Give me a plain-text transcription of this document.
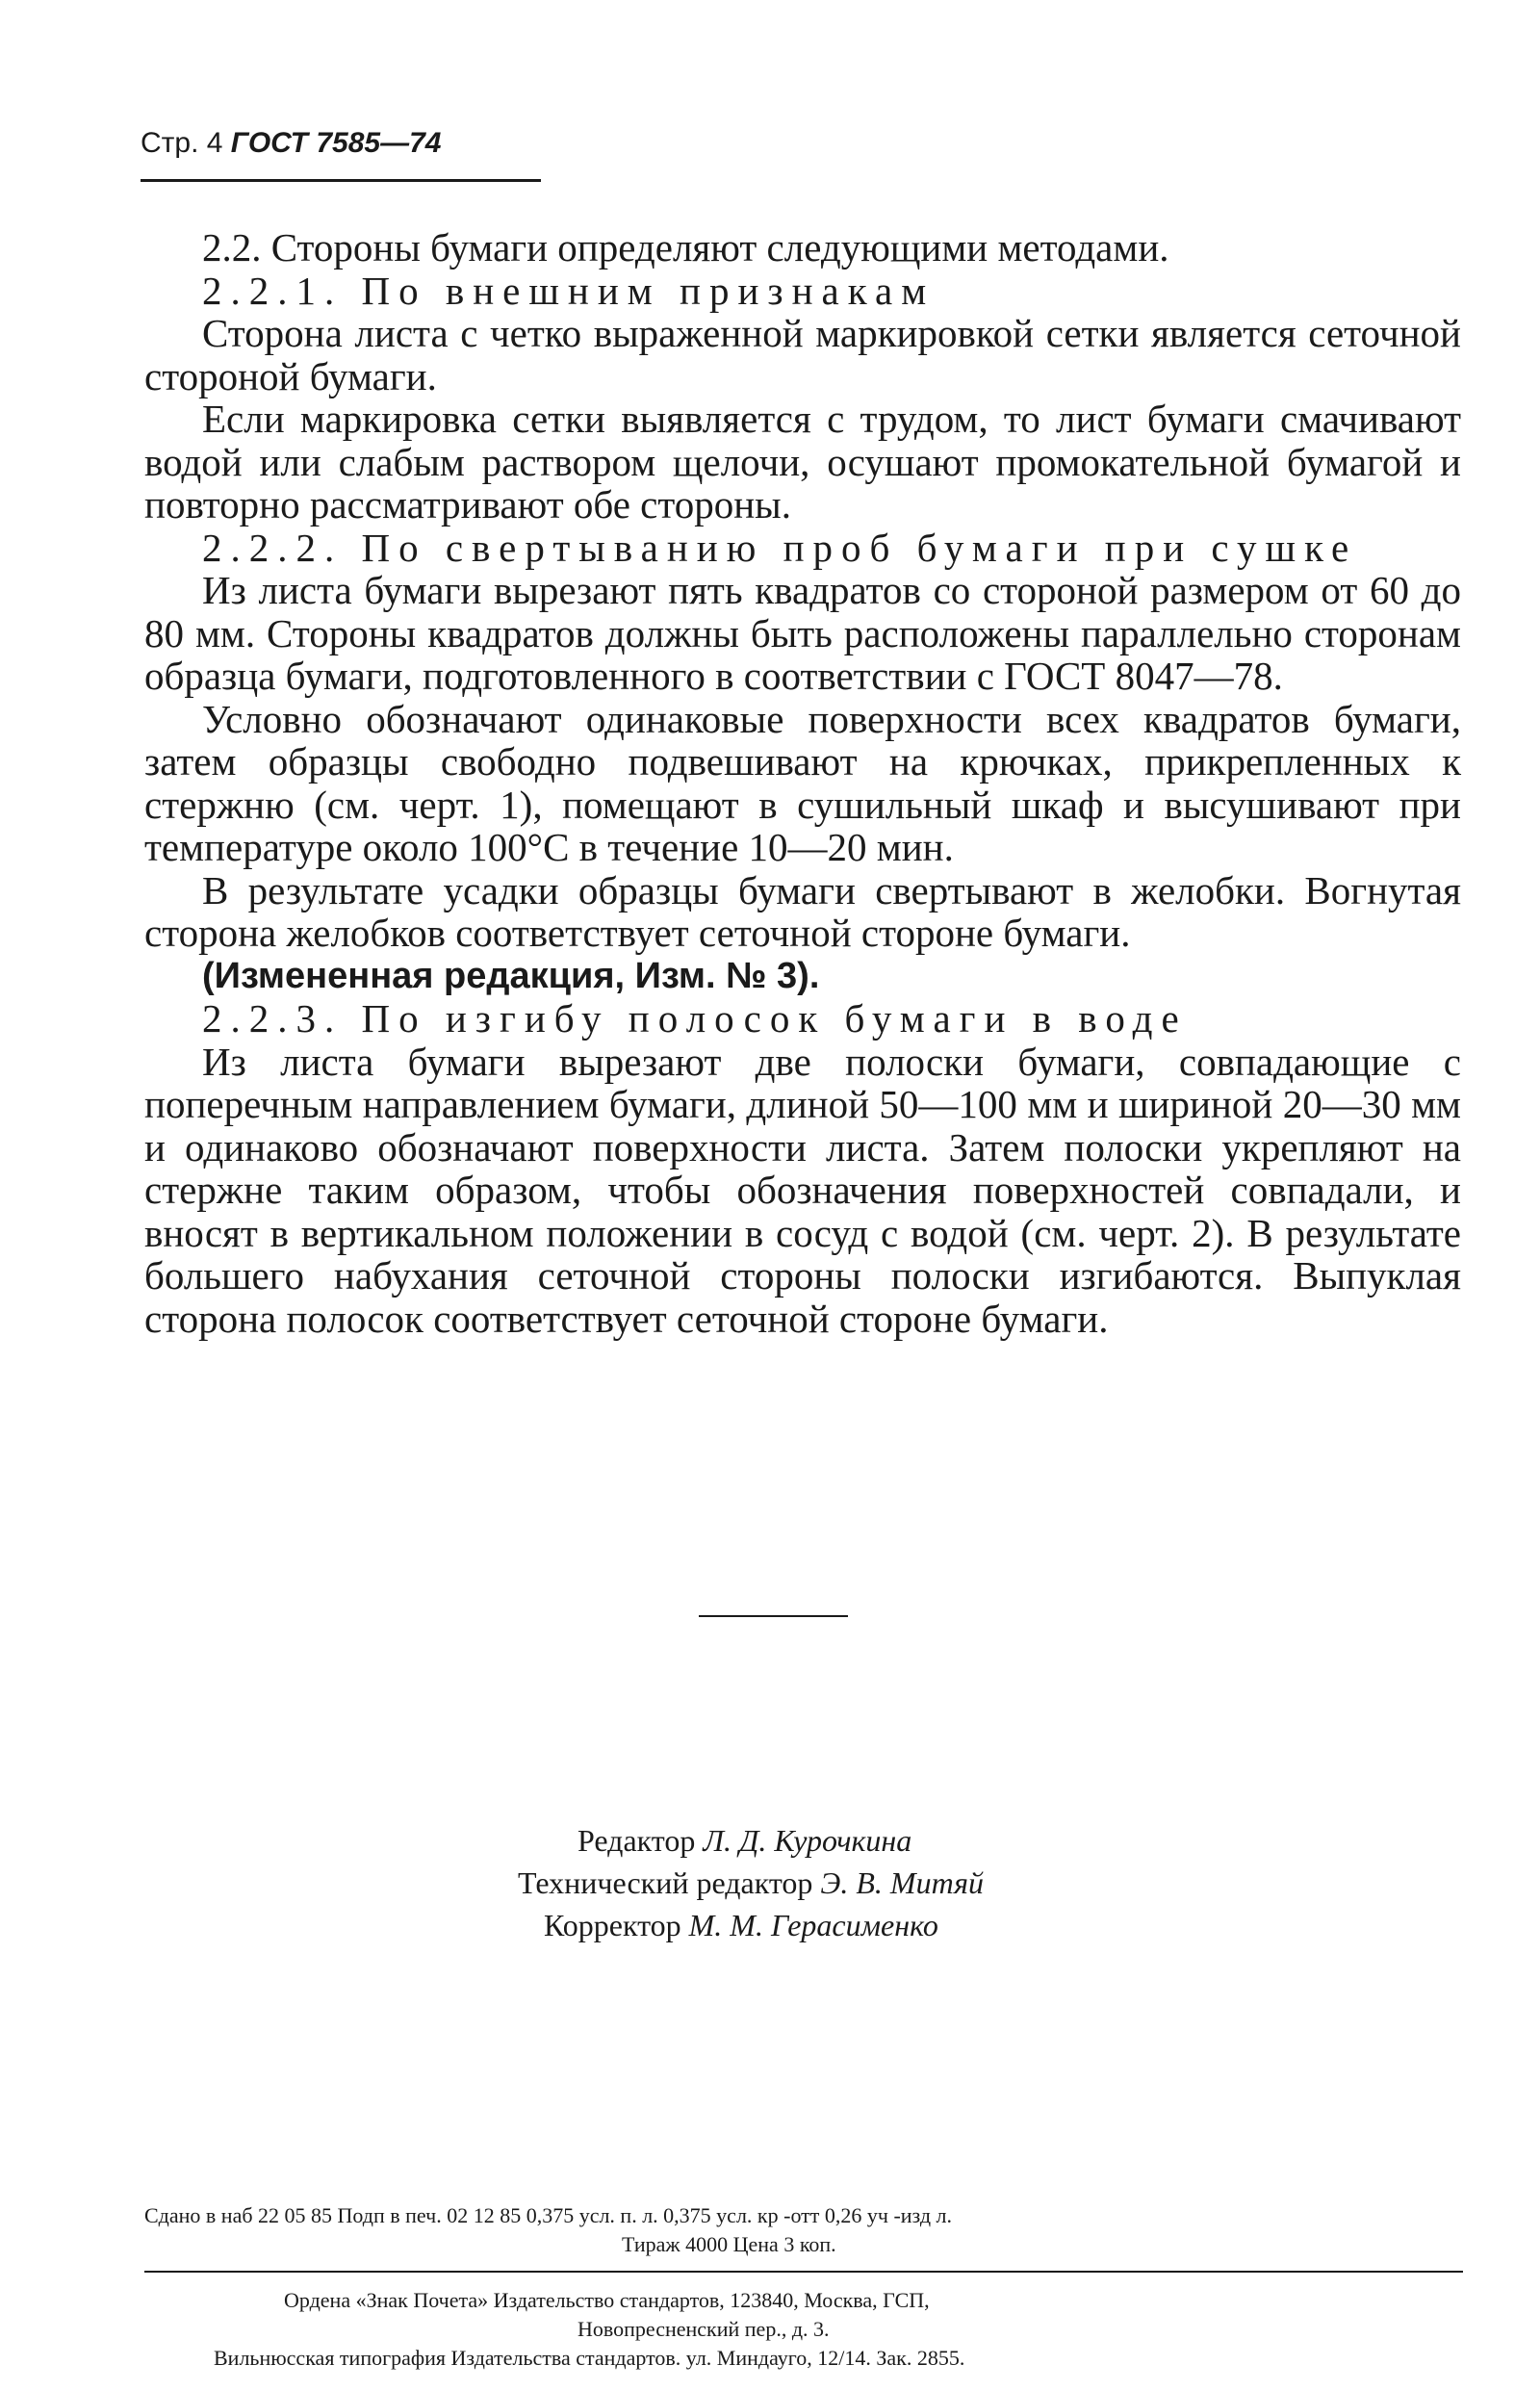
Стр. 4 ГОСТ 7585—74

2.2. Стороны бумаги определяют следующими методами.

2.2.1. По внешним признакам

Сторона листа с четко выраженной маркировкой сетки является сеточной стороной бумаги.

Если маркировка сетки выявляется с трудом, то лист бумаги смачивают водой или слабым раствором щелочи, осушают промокательной бумагой и повторно рассматривают обе стороны.

2.2.2. По свертыванию проб бумаги при сушке

Из листа бумаги вырезают пять квадратов со стороной размером от 60 до 80 мм. Стороны квадратов должны быть расположены параллельно сторонам образца бумаги, подготовленного в соответствии с ГОСТ 8047—78.

Условно обозначают одинаковые поверхности всех квадратов бумаги, затем образцы свободно подвешивают на крючках, прикрепленных к стержню (см. черт. 1), помещают в сушильный шкаф и высушивают при температуре около 100°С в течение 10—20 мин.

В результате усадки образцы бумаги свертывают в желобки. Вогнутая сторона желобков соответствует сеточной стороне бумаги.

(Измененная редакция, Изм. № 3).

2.2.3. По изгибу полосок бумаги в воде

Из листа бумаги вырезают две полоски бумаги, совпадающие с поперечным направлением бумаги, длиной 50—100 мм и шириной 20—30 мм и одинаково обозначают поверхности листа. Затем полоски укрепляют на стержне таким образом, чтобы обозначения поверхностей совпадали, и вносят в вертикальном положении в сосуд с водой (см. черт. 2). В результате большего набухания сеточной стороны полоски изгибаются. Выпуклая сторона полосок соответствует сеточной стороне бумаги.

Редактор Л. Д. Курочкина
Технический редактор Э. В. Митяй
Корректор М. М. Герасименко
Сдано в наб 22 05 85 Подп в печ. 02 12 85 0,375 усл. п. л. 0,375 усл. кр -отт 0,26 уч -изд л.
Тираж 4000 Цена 3 коп.
Ордена «Знак Почета» Издательство стандартов, 123840, Москва, ГСП,
Новопресненский пер., д. 3.
Вильнюсская типография Издательства стандартов. ул. Миндауго, 12/14. Зак. 2855.
